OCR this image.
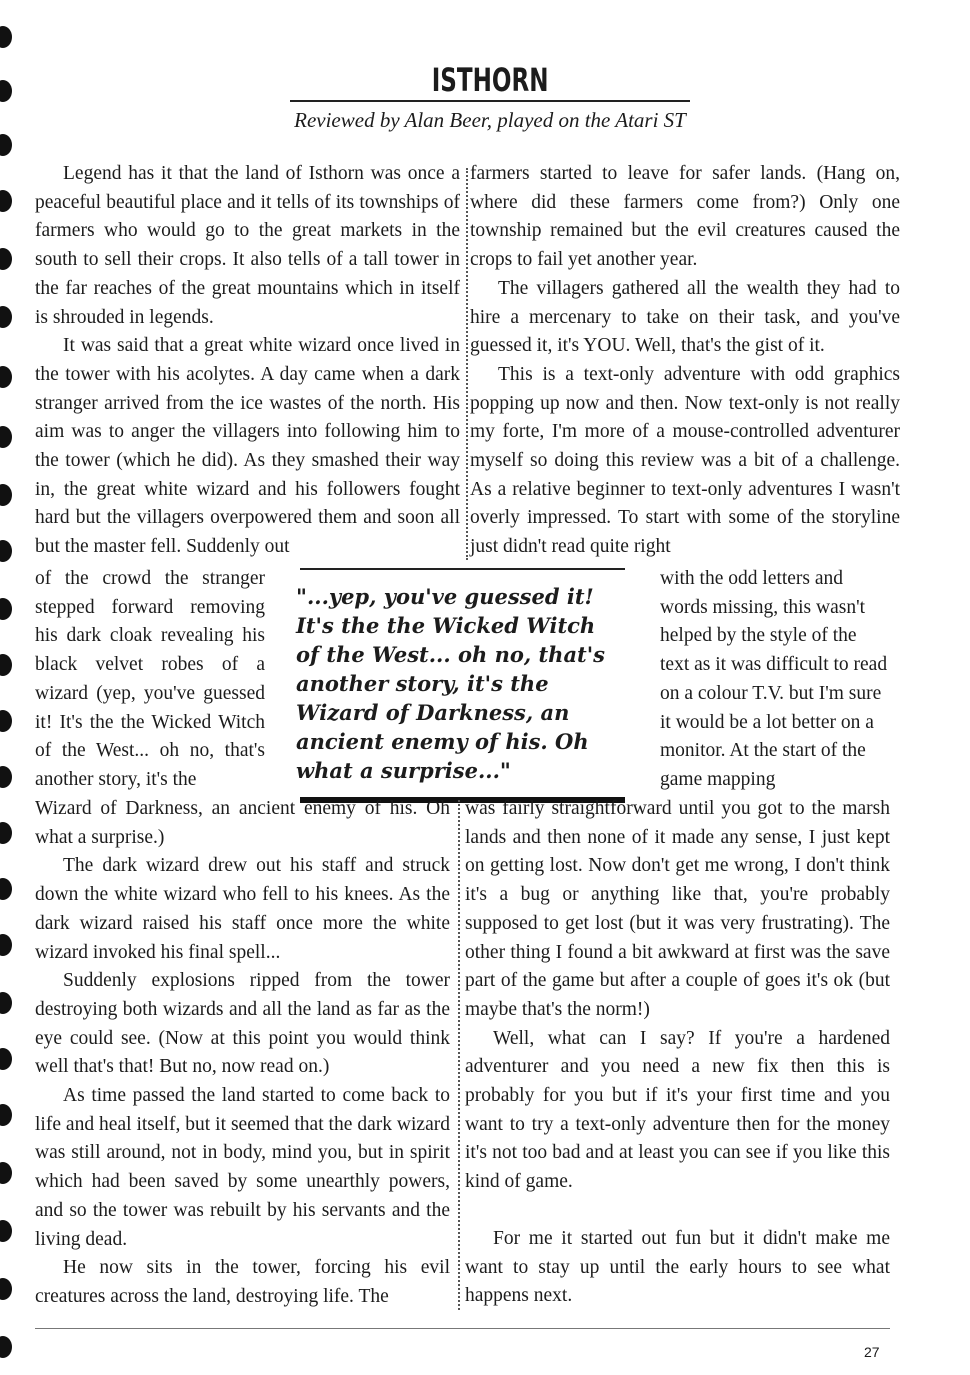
ISTHORN
Reviewed by Alan Beer, played on the Atari ST

Legend has it that the land of Isthorn was once a peaceful beautiful place and it tells of its townships of farmers who would go to the great markets in the south to sell their crops. It also tells of a tall tower in the far reaches of the great mountains which in itself is shrouded in legends.

It was said that a great white wizard once lived in the tower with his acolytes. A day came when a dark stranger arrived from the ice wastes of the north. His aim was to anger the villagers into following him to the tower (which he did). As they smashed their way in, the great white wizard and his followers fought hard but the villagers overpowered them and soon all but the master fell. Suddenly out

farmers started to leave for safer lands. (Hang on, where did these farmers come from?) Only one township remained but the evil creatures caused the crops to fail yet another year.

The villagers gathered all the wealth they had to hire a mercenary to take on their task, and you've guessed it, it's YOU. Well, that's the gist of it.

This is a text-only adventure with odd graphics popping up now and then. Now text-only is not really my forte, I'm more of a mouse-controlled adventurer myself so doing this review was a bit of a challenge. As a relative beginner to text-only adventures I wasn't overly impressed. To start with some of the storyline just didn't read quite right

of the crowd the stranger stepped forward removing his dark cloak revealing his black velvet robes of a wizard (yep, you've guessed it! It's the the Wicked Witch of the West... oh no, that's another story, it's the

"...yep, you've guessed it! It's the the Wicked Witch of the West... oh no, that's another story, it's the Wizard of Darkness, an ancient enemy of his. Oh what a surprise..."

with the odd letters and words missing, this wasn't helped by the style of the text as it was difficult to read on a colour T.V. but I'm sure it would be a lot better on a monitor. At the start of the game mapping

Wizard of Darkness, an ancient enemy of his. Oh what a surprise.)

The dark wizard drew out his staff and struck down the white wizard who fell to his knees. As the dark wizard raised his staff once more the white wizard invoked his final spell...

Suddenly explosions ripped from the tower destroying both wizards and all the land as far as the eye could see. (Now at this point you would think well that's that! But no, now read on.)

As time passed the land started to come back to life and heal itself, but it seemed that the dark wizard was still around, not in body, mind you, but in spirit which had been saved by some unearthly powers, and so the tower was rebuilt by his servants and the living dead.

He now sits in the tower, forcing his evil creatures across the land, destroying life. The

was fairly straightforward until you got to the marsh lands and then none of it made any sense, I just kept on getting lost. Now don't get me wrong, I don't think it's a bug or anything like that, you're probably supposed to get lost (but it was very frustrating). The other thing I found a bit awkward at first was the save part of the game but after a couple of goes it's ok (but maybe that's the norm!)

Well, what can I say? If you're a hardened adventurer and you need a new fix then this is probably for you but if it's your first time and you want to try a text-only adventure then for the money it's not too bad and at least you can see if you like this kind of game.

For me it started out fun but it didn't make me want to stay up until the early hours to see what happens next.

27
